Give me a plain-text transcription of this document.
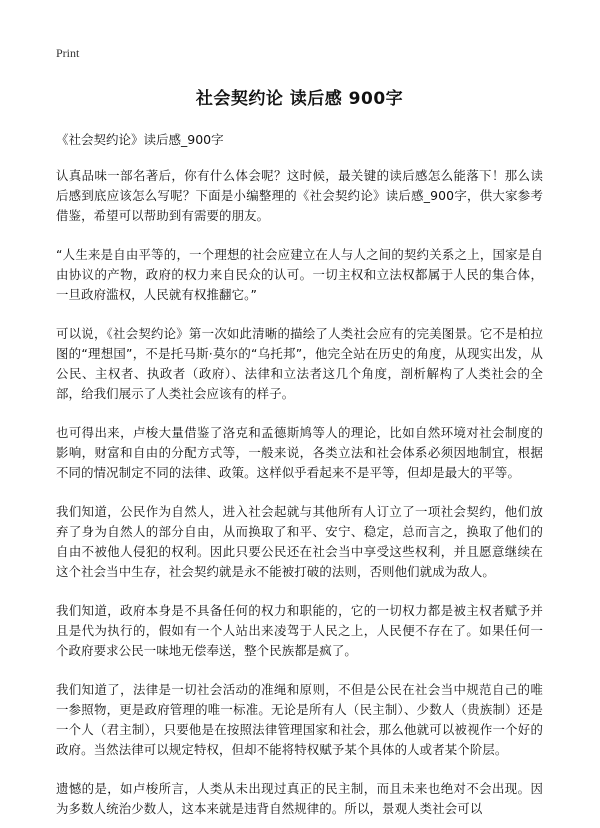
Print
社会契约论 读后感 900字
《社会契约论》读后感_900字

认真品味一部名著后，你有什么体会呢？这时候，最关键的读后感怎么能落下！那么读后感到底应该怎么写呢？下面是小编整理的《社会契约论》读后感_900字，供大家参考借鉴，希望可以帮助到有需要的朋友。

“人生来是自由平等的，一个理想的社会应建立在人与人之间的契约关系之上，国家是自由协议的产物，政府的权力来自民众的认可。一切主权和立法权都属于人民的集合体，一旦政府滥权，人民就有权推翻它。”

可以说，《社会契约论》第一次如此清晰的描绘了人类社会应有的完美图景。它不是柏拉图的“理想国”，不是托马斯·莫尔的“乌托邦”，他完全站在历史的角度，从现实出发，从公民、主权者、执政者（政府）、法律和立法者这几个角度，剖析解构了人类社会的全部，给我们展示了人类社会应该有的样子。

也可得出来，卢梭大量借鉴了洛克和孟德斯鸠等人的理论，比如自然环境对社会制度的影响，财富和自由的分配方式等，一般来说，各类立法和社会体系必须因地制宜，根据不同的情况制定不同的法律、政策。这样似乎看起来不是平等，但却是最大的平等。

我们知道，公民作为自然人，进入社会起就与其他所有人订立了一项社会契约，他们放弃了身为自然人的部分自由，从而换取了和平、安宁、稳定，总而言之，换取了他们的自由不被他人侵犯的权利。因此只要公民还在社会当中享受这些权利，并且愿意继续在这个社会当中生存，社会契约就是永不能被打破的法则，否则他们就成为敌人。

我们知道，政府本身是不具备任何的权力和职能的，它的一切权力都是被主权者赋予并且是代为执行的，假如有一个人站出来凌驾于人民之上，人民便不存在了。如果任何一个政府要求公民一味地无偿奉送，整个民族都是疯了。

我们知道了，法律是一切社会活动的准绳和原则，不但是公民在社会当中规范自己的唯一参照物，更是政府管理的唯一标准。无论是所有人（民主制）、少数人（贵族制）还是一个人（君主制），只要他是在按照法律管理国家和社会，那么他就可以被视作一个好的政府。当然法律可以规定特权，但却不能将特权赋予某个具体的人或者某个阶层。

遗憾的是，如卢梭所言，人类从未出现过真正的民主制，而且未来也绝对不会出现。因为多数人统治少数人，这本来就是违背自然规律的。所以，景观人类社会可以
